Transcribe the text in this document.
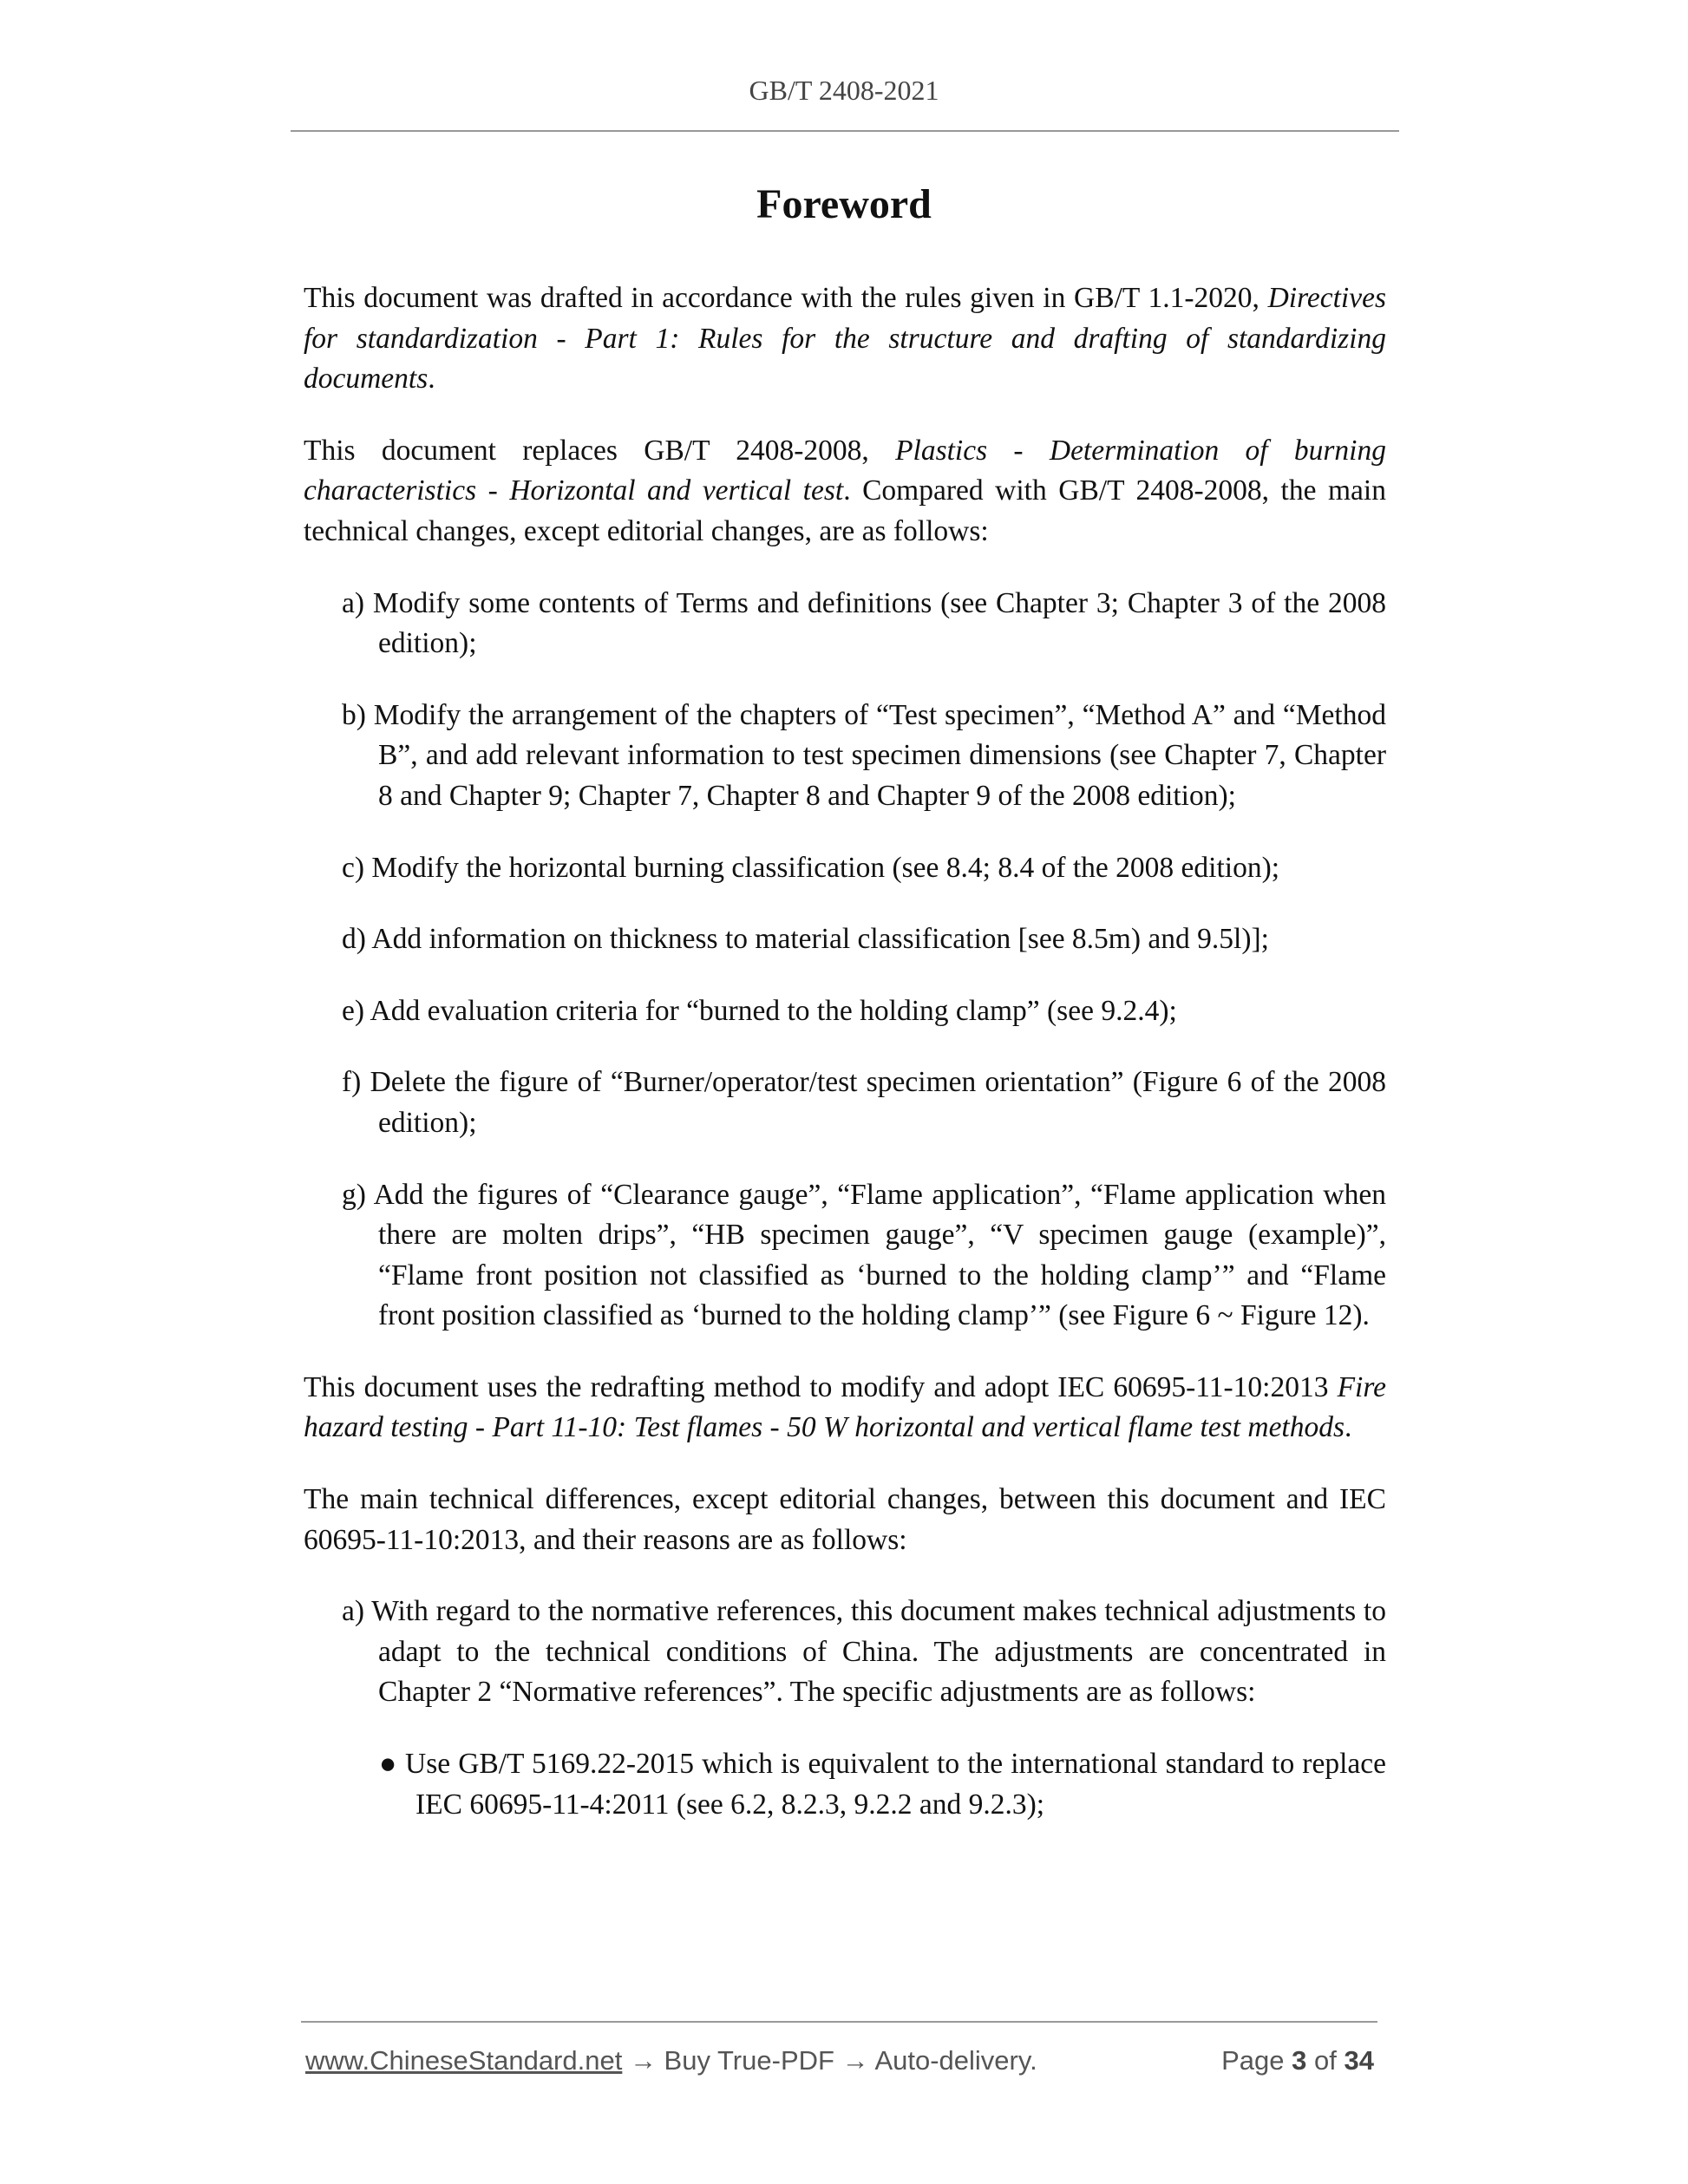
GB/T 2408-2021
Foreword

This document was drafted in accordance with the rules given in GB/T 1.1-2020, Directives for standardization - Part 1: Rules for the structure and drafting of standardizing documents.

This document replaces GB/T 2408-2008, Plastics - Determination of burning characteristics - Horizontal and vertical test. Compared with GB/T 2408-2008, the main technical changes, except editorial changes, are as follows:

a) Modify some contents of Terms and definitions (see Chapter 3; Chapter 3 of the 2008 edition);

b) Modify the arrangement of the chapters of “Test specimen”, “Method A” and “Method B”, and add relevant information to test specimen dimensions (see Chapter 7, Chapter 8 and Chapter 9; Chapter 7, Chapter 8 and Chapter 9 of the 2008 edition);

c) Modify the horizontal burning classification (see 8.4; 8.4 of the 2008 edition);

d) Add information on thickness to material classification [see 8.5m) and 9.5l)];

e) Add evaluation criteria for “burned to the holding clamp” (see 9.2.4);

f) Delete the figure of “Burner/operator/test specimen orientation” (Figure 6 of the 2008 edition);

g) Add the figures of “Clearance gauge”, “Flame application”, “Flame application when there are molten drips”, “HB specimen gauge”, “V specimen gauge (example)”, “Flame front position not classified as ‘burned to the holding clamp’” and “Flame front position classified as ‘burned to the holding clamp’” (see Figure 6 ~ Figure 12).

This document uses the redrafting method to modify and adopt IEC 60695-11-10:2013 Fire hazard testing - Part 11-10: Test flames - 50 W horizontal and vertical flame test methods.

The main technical differences, except editorial changes, between this document and IEC 60695-11-10:2013, and their reasons are as follows:

a) With regard to the normative references, this document makes technical adjustments to adapt to the technical conditions of China. The adjustments are concentrated in Chapter 2 “Normative references”. The specific adjustments are as follows:

● Use GB/T 5169.22-2015 which is equivalent to the international standard to replace IEC 60695-11-4:2011 (see 6.2, 8.2.3, 9.2.2 and 9.2.3);

www.ChineseStandard.net → Buy True-PDF → Auto-delivery.	Page 3 of 34
